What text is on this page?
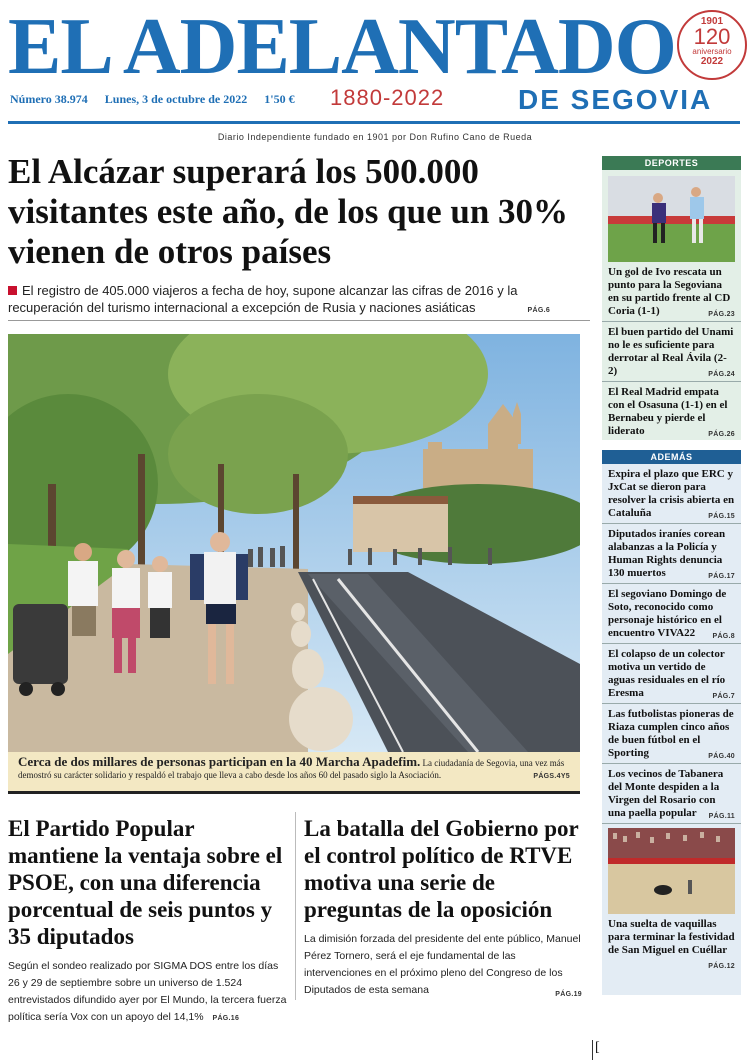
EL ADELANTADO	1901
120
aniversario
2022
Número 38.974 Lunes, 3 de octubre de 2022 1'50 €	1880-2022	DE SEGOVIA
Diario Independiente fundado en 1901 por Don Rufino Cano de Rueda
El Alcázar superará los 500.000 visitantes este año, de los que un 30% vienen de otros países

El registro de 405.000 viajeros a fecha de hoy, supone alcanzar las cifras de 2016 y la recuperación del turismo internacional a excepción de Rusia y naciones asiáticas	PÁG.6

Cerca de dos millares de personas participan en la 40 Marcha Apadefim. La ciudadanía de Segovia, una vez más demostró su carácter solidario y respaldó el trabajo que lleva a cabo desde los años 60 del pasado siglo la Asociación.	PÁGS.4Y5
El Partido Popular mantiene la ventaja sobre el PSOE, con una diferencia porcentual de seis puntos y 35 diputados

Según el sondeo realizado por SIGMA DOS entre los días 26 y 29 de septiembre sobre un universo de 1.524 entrevistados difundido ayer por El Mundo, la tercera fuerza política sería Vox con un apoyo del 14,1% PÁG.16

La batalla del Gobierno por el control político de RTVE motiva una serie de preguntas de la oposición

La dimisión forzada del presidente del ente público, Manuel Pérez Tornero, será el eje fundamental de las intervenciones en el próximo pleno del Congreso de los Diputados de esta semana	PÁG.19

DEPORTES
Un gol de Ivo rescata un punto para la Segoviana en su partido frente al CD Coria (1-1)	PÁG.23
El buen partido del Unami no le es suficiente para derrotar al Real Ávila (2-2)	PÁG.24
El Real Madrid empata con el Osasuna (1-1) en el Bernabeu y pierde el liderato	PÁG.26
ADEMÁS
Expira el plazo que ERC y JxCat se dieron para resolver la crisis abierta en Cataluña	PÁG.15
Diputados iraníes corean alabanzas a la Policía y Human Rights denuncia 130 muertos	PÁG.17
El segoviano Domingo de Soto, reconocido como personaje histórico en el encuentro VIVA22 PÁG.8
El colapso de un colector motiva un vertido de aguas residuales en el río Eresma	PÁG.7
Las futbolistas pioneras de Riaza cumplen cinco años de buen fútbol en el Sporting	PÁG.40
Los vecinos de Tabanera del Monte despiden a la Virgen del Rosario con una paella popular PÁG.11
Una suelta de vaquillas para terminar la festividad de San Miguel en Cuéllar
PÁG.12
[
